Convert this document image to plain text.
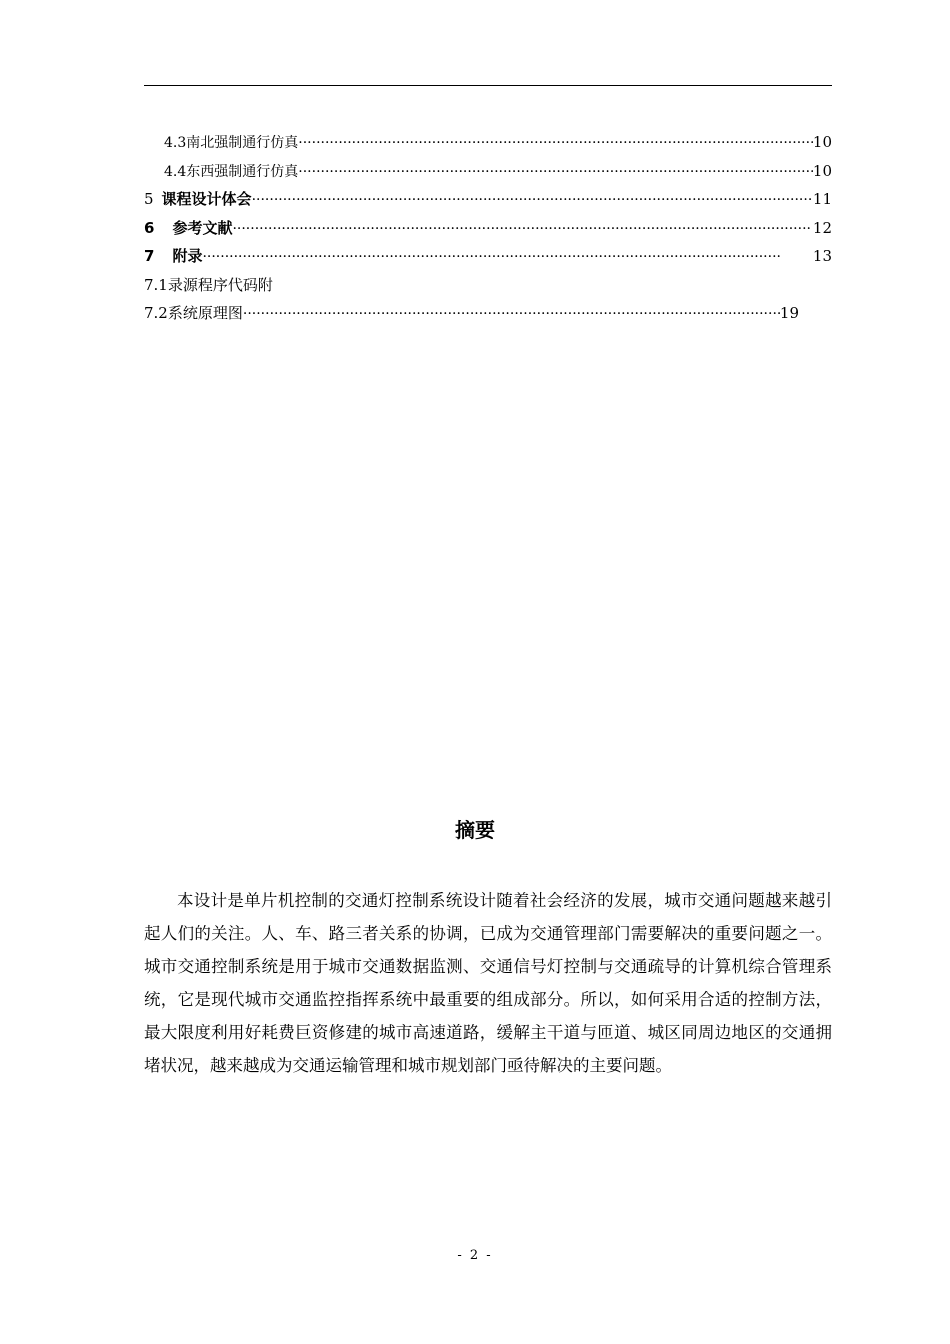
4.3 南北强制通行仿真 ·····	10
4.4 东西强制通行仿真 ·····	10
5 课程设计体会 ·····	11
6 参考文献 ·····	12
7 附录 ·····	13
7.1 录源程序代码附
7.2 系统原理图 ·····	19
摘要

本设计是单片机控制的交通灯控制系统设计随着社会经济的发展，城市交通问题越来越引起人们的关注。人、车、路三者关系的协调，已成为交通管理部门需要解决的重要问题之一。城市交通控制系统是用于城市交通数据监测、交通信号灯控制与交通疏导的计算机综合管理系统，它是现代城市交通监控指挥系统中最重要的组成部分。所以，如何采用合适的控制方法，最大限度利用好耗费巨资修建的城市高速道路，缓解主干道与匝道、城区同周边地区的交通拥堵状况，越来越成为交通运输管理和城市规划部门亟待解决的主要问题。

- 2 -
